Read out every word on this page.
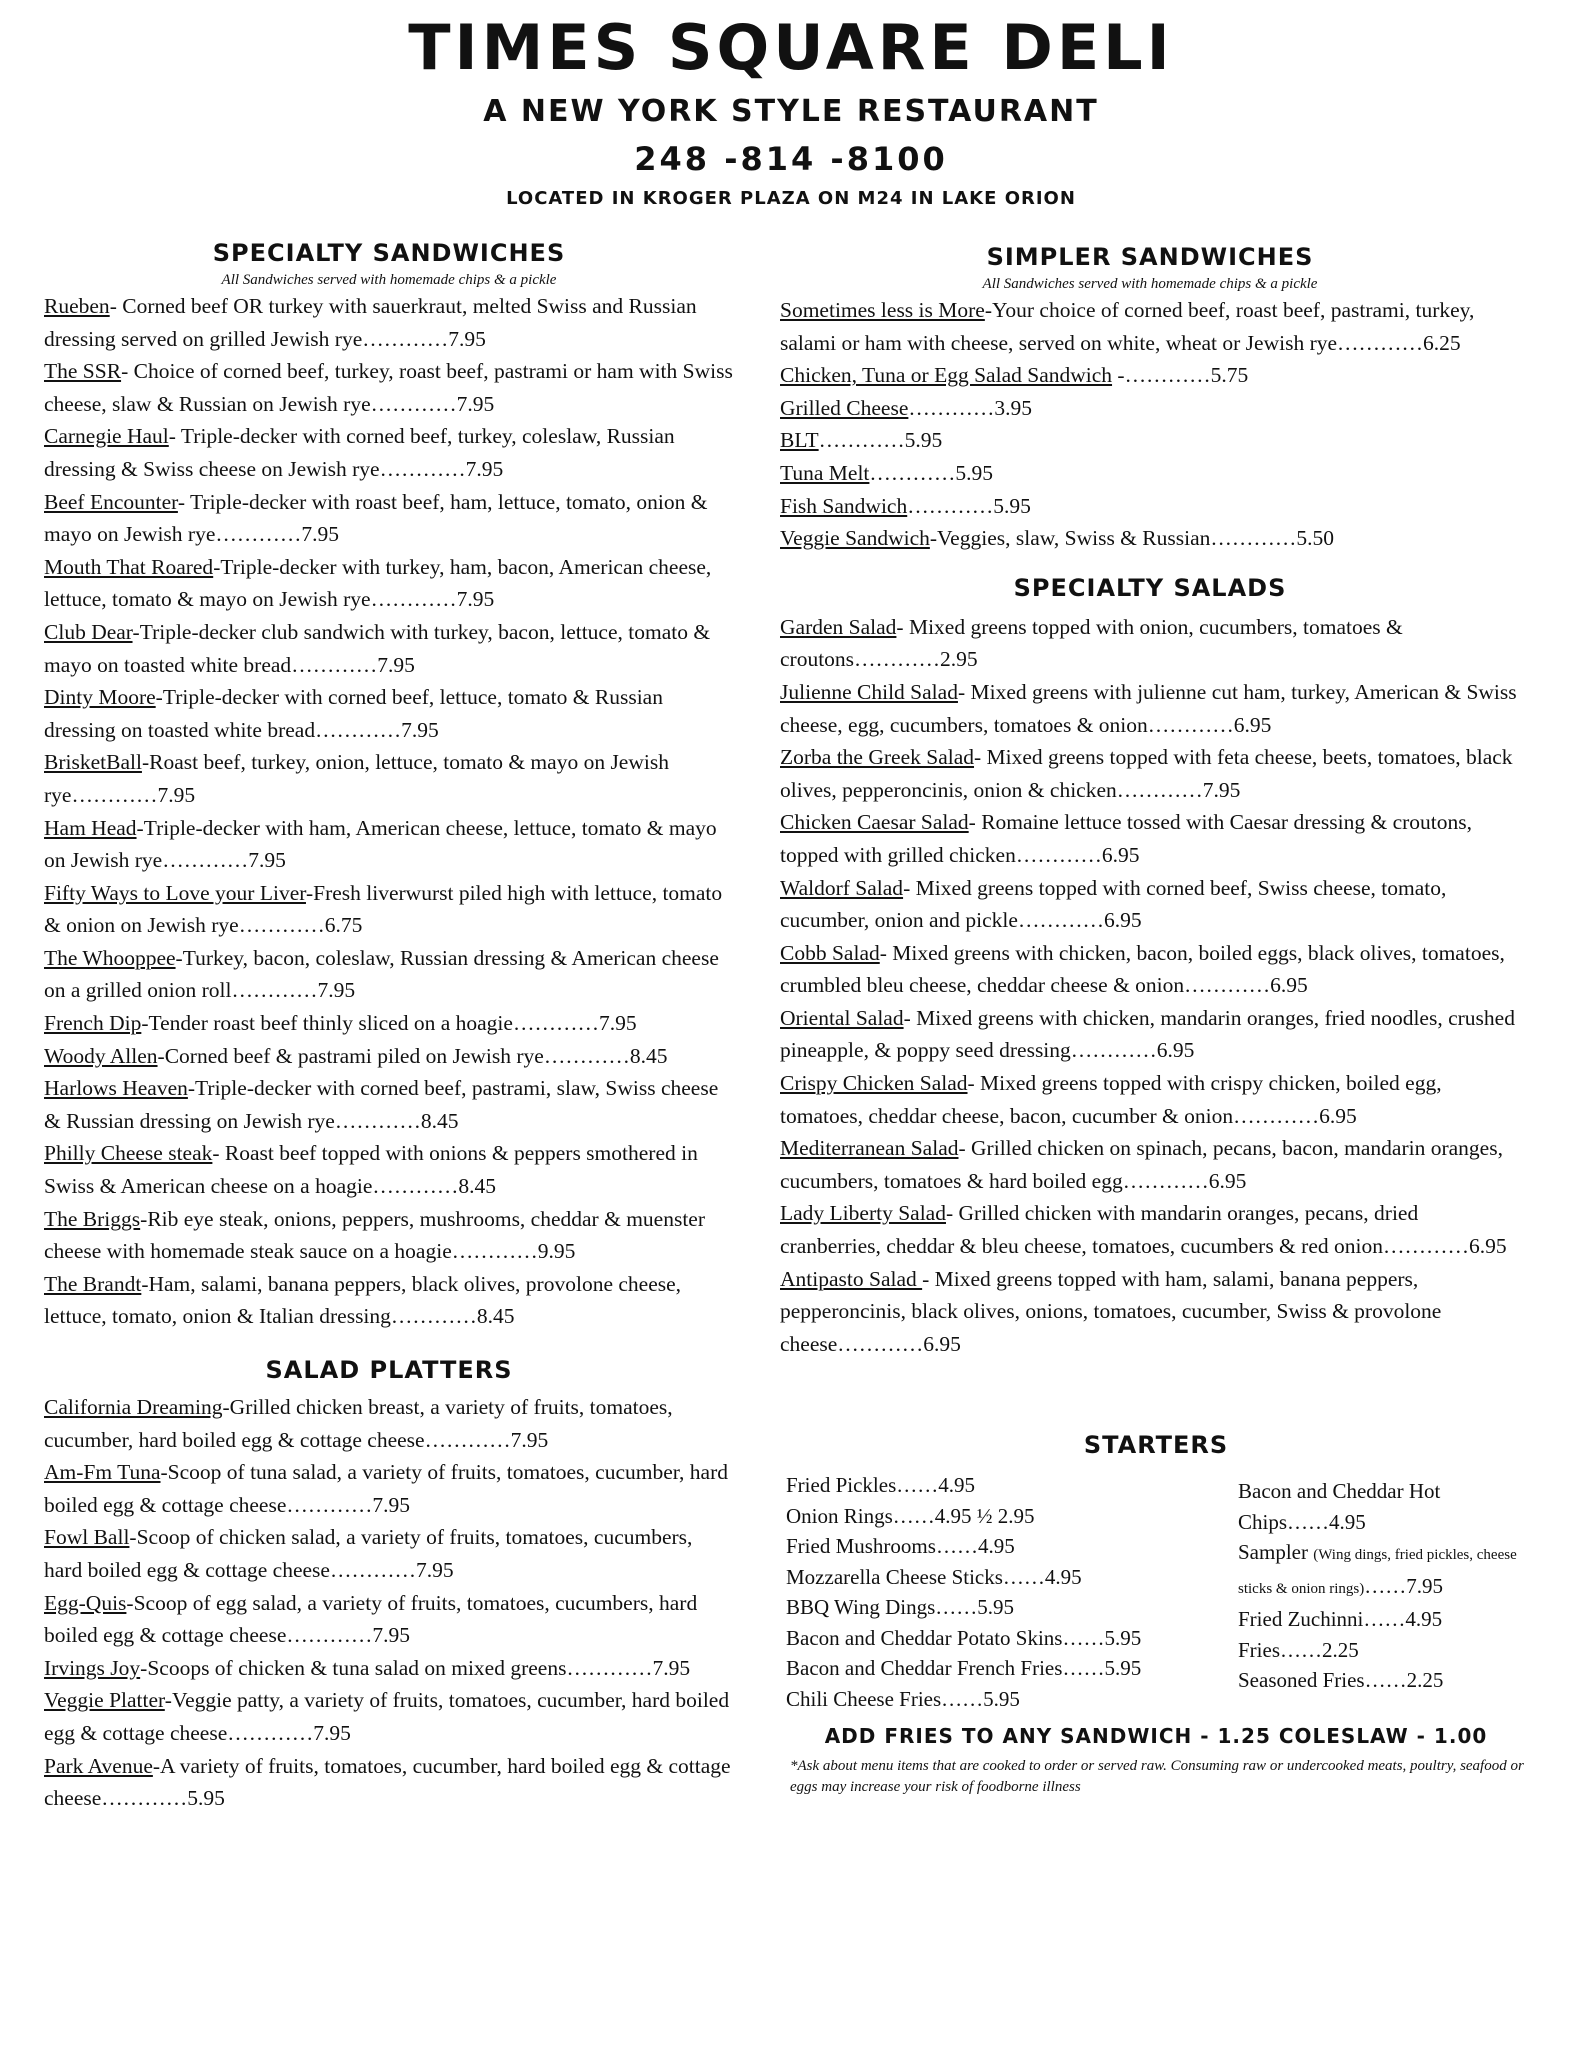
TIMES SQUARE DELI
A NEW YORK STYLE RESTAURANT
248 -814 -8100
LOCATED IN KROGER PLAZA ON M24 IN LAKE ORION
SPECIALTY SANDWICHES
All Sandwiches served with homemade chips & a pickle
Rueben- Corned beef OR turkey with sauerkraut, melted Swiss and Russian dressing served on grilled Jewish rye…………7.95
The SSR- Choice of corned beef, turkey, roast beef, pastrami or ham with Swiss cheese, slaw & Russian on Jewish rye…………7.95
Carnegie Haul- Triple-decker with corned beef, turkey, coleslaw, Russian dressing & Swiss cheese on Jewish rye…………7.95
Beef Encounter- Triple-decker with roast beef, ham, lettuce, tomato, onion & mayo on Jewish rye…………7.95
Mouth That Roared-Triple-decker with turkey, ham, bacon, American cheese, lettuce, tomato & mayo on Jewish rye…………7.95
Club Dear-Triple-decker club sandwich with turkey, bacon, lettuce, tomato & mayo on toasted white bread…………7.95
Dinty Moore-Triple-decker with corned beef, lettuce, tomato & Russian dressing on toasted white bread…………7.95
BrisketBall-Roast beef, turkey, onion, lettuce, tomato & mayo on Jewish rye…………7.95
Ham Head-Triple-decker with ham, American cheese, lettuce, tomato & mayo on Jewish rye…………7.95
Fifty Ways to Love your Liver-Fresh liverwurst piled high with lettuce, tomato & onion on Jewish rye…………6.75
The Whooppee-Turkey, bacon, coleslaw, Russian dressing & American cheese on a grilled onion roll…………7.95
French Dip-Tender roast beef thinly sliced on a hoagie…………7.95
Woody Allen-Corned beef & pastrami piled on Jewish rye…………8.45
Harlows Heaven-Triple-decker with corned beef, pastrami, slaw, Swiss cheese & Russian dressing on Jewish rye…………8.45
Philly Cheese steak- Roast beef topped with onions & peppers smothered in Swiss & American cheese on a hoagie…………8.45
The Briggs-Rib eye steak, onions, peppers, mushrooms, cheddar & muenster cheese with homemade steak sauce on a hoagie…………9.95
The Brandt-Ham, salami, banana peppers, black olives, provolone cheese, lettuce, tomato, onion & Italian dressing…………8.45
SALAD PLATTERS
California Dreaming-Grilled chicken breast, a variety of fruits, tomatoes, cucumber, hard boiled egg & cottage cheese…………7.95
Am-Fm Tuna-Scoop of tuna salad, a variety of fruits, tomatoes, cucumber, hard boiled egg & cottage cheese…………7.95
Fowl Ball-Scoop of chicken salad, a variety of fruits, tomatoes, cucumbers, hard boiled egg & cottage cheese…………7.95
Egg-Quis-Scoop of egg salad, a variety of fruits, tomatoes, cucumbers, hard boiled egg & cottage cheese…………7.95
Irvings Joy-Scoops of chicken & tuna salad on mixed greens…………7.95
Veggie Platter-Veggie patty, a variety of fruits, tomatoes, cucumber, hard boiled egg & cottage cheese…………7.95
Park Avenue-A variety of fruits, tomatoes, cucumber, hard boiled egg & cottage cheese…………5.95
SIMPLER SANDWICHES
All Sandwiches served with homemade chips & a pickle
Sometimes less is More-Your choice of corned beef, roast beef, pastrami, turkey, salami or ham with cheese, served on white, wheat or Jewish rye…………6.25
Chicken, Tuna or Egg Salad Sandwich -…………5.75
Grilled Cheese…………3.95
BLT…………5.95
Tuna Melt…………5.95
Fish Sandwich…………5.95
Veggie Sandwich-Veggies, slaw, Swiss & Russian…………5.50
SPECIALTY SALADS
Garden Salad- Mixed greens topped with onion, cucumbers, tomatoes & croutons…………2.95
Julienne Child Salad- Mixed greens with julienne cut ham, turkey, American & Swiss cheese, egg, cucumbers, tomatoes & onion…………6.95
Zorba the Greek Salad- Mixed greens topped with feta cheese, beets, tomatoes, black olives, pepperoncinis, onion & chicken…………7.95
Chicken Caesar Salad- Romaine lettuce tossed with Caesar dressing & croutons, topped with grilled chicken…………6.95
Waldorf Salad- Mixed greens topped with corned beef, Swiss cheese, tomato, cucumber, onion and pickle…………6.95
Cobb Salad- Mixed greens with chicken, bacon, boiled eggs, black olives, tomatoes, crumbled bleu cheese, cheddar cheese & onion…………6.95
Oriental Salad- Mixed greens with chicken, mandarin oranges, fried noodles, crushed pineapple, & poppy seed dressing…………6.95
Crispy Chicken Salad- Mixed greens topped with crispy chicken, boiled egg, tomatoes, cheddar cheese, bacon, cucumber & onion…………6.95
Mediterranean Salad- Grilled chicken on spinach, pecans, bacon, mandarin oranges, cucumbers, tomatoes & hard boiled egg…………6.95
Lady Liberty Salad- Grilled chicken with mandarin oranges, pecans, dried cranberries, cheddar & bleu cheese, tomatoes, cucumbers & red onion…………6.95
Antipasto Salad - Mixed greens topped with ham, salami, banana peppers, pepperoncinis, black olives, onions, tomatoes, cucumber, Swiss & provolone cheese…………6.95
STARTERS
Fried Pickles……4.95
Onion Rings……4.95 ½ 2.95
Fried Mushrooms……4.95
Mozzarella Cheese Sticks……4.95
BBQ Wing Dings……5.95
Bacon and Cheddar Potato Skins……5.95
Bacon and Cheddar French Fries……5.95
Chili Cheese Fries……5.95
Bacon and Cheddar Hot Chips……4.95
Sampler (Wing dings, fried pickles, cheese sticks & onion rings)……7.95
Fried Zuchinni……4.95
Fries……2.25
Seasoned Fries……2.25
ADD FRIES TO ANY SANDWICH - 1.25 COLESLAW - 1.00
*Ask about menu items that are cooked to order or served raw. Consuming raw or undercooked meats, poultry, seafood or eggs may increase your risk of foodborne illness
